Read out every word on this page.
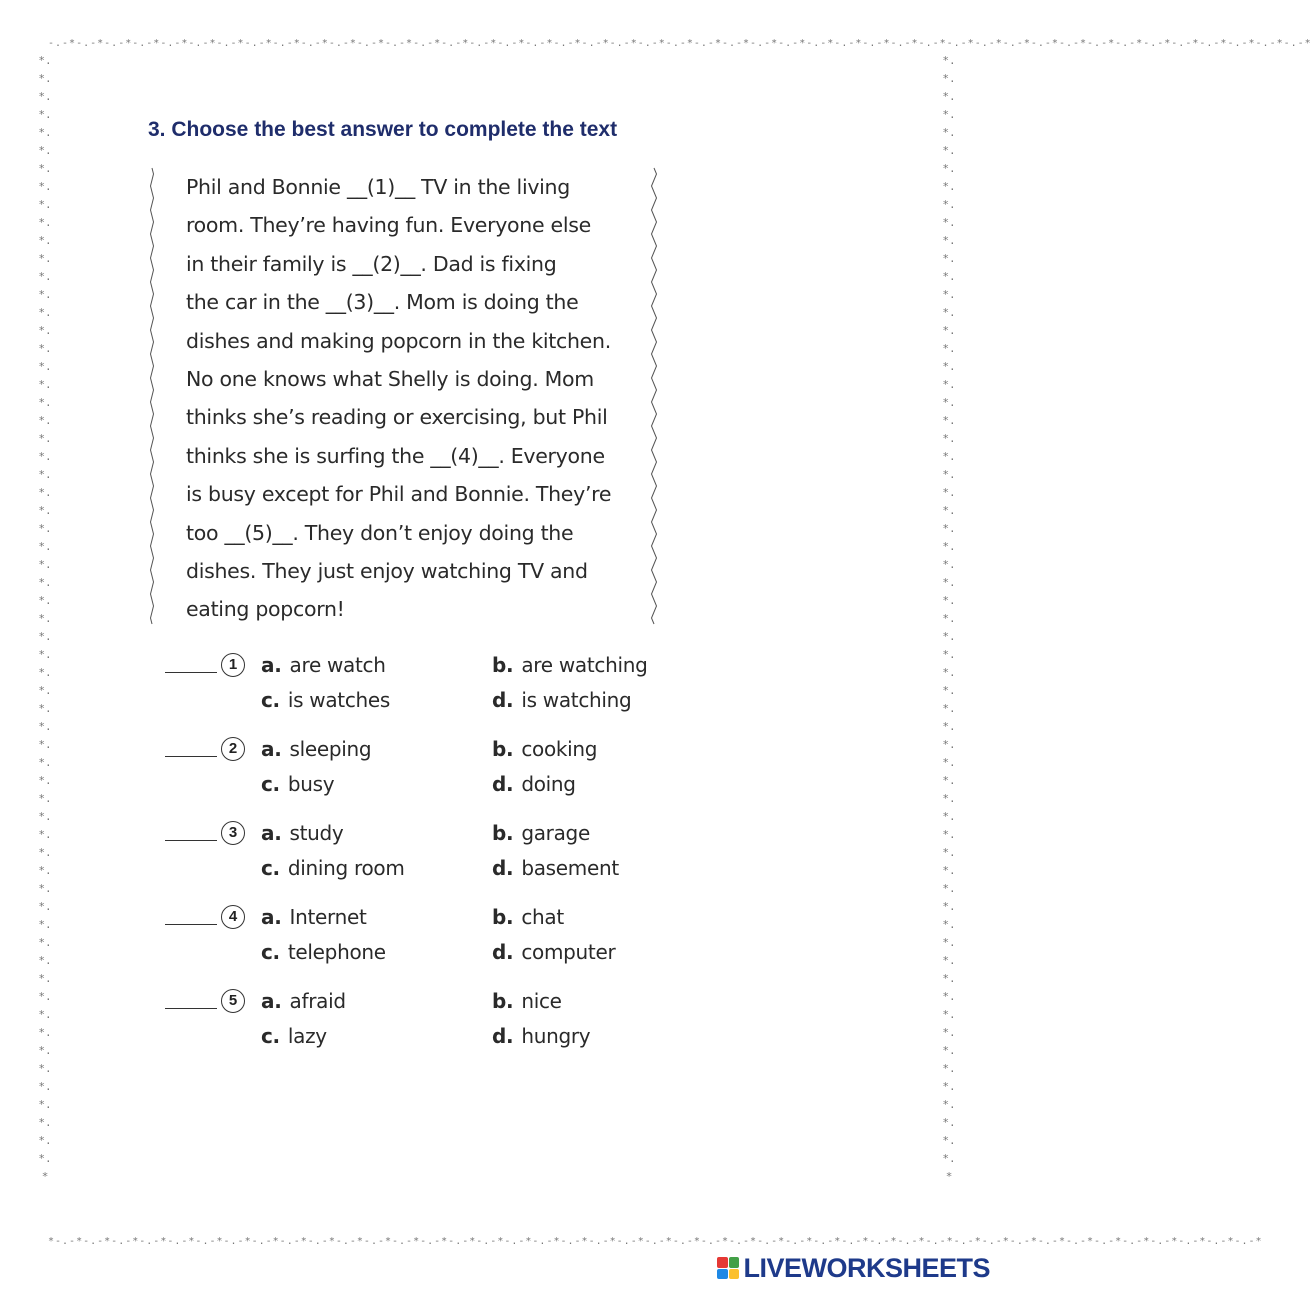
-.-*-.-*-.-*-.-*-.-*-.-*-.-*-.-*-.-*-.-*-.-*-.-*-.-*-.-*-.-*-.-*-.-*-.-*-.-*-.-*-.-*-.-*-.-*-.-*-.-*-.-*-.-*-.-*-.-*-.-*-.-*-.-*-.-*-.-*-.-*-.-*-.-*-.-*-.-*-.-*-.-*-.-*-.-*-.-*-.-*
*-.-*-.-*-.-*-.-*-.-*-.-*-.-*-.-*-.-*-.-*-.-*-.-*-.-*-.-*-.-*-.-*-.-*-.-*-.-*-.-*-.-*-.-*-.-*-.-*-.-*-.-*-.-*-.-*-.-*-.-*-.-*-.-*-.-*-.-*-.-*-.-*-.-*-.-*-.-*-.-*-.-*-.-*-.-*
*.*.*.*.*.*.*.*.*.*.*.*.*.*.*.*.*.*.*.*.*.*.*.*.*.*.*.*.*.*.*.*.*.*.*.*.*.*.*.*.*.*.*.*.*.*.*.*.*.*.*.*.*.*.*.*.*.*.*.*.*.*.*
*.*.*.*.*.*.*.*.*.*.*.*.*.*.*.*.*.*.*.*.*.*.*.*.*.*.*.*.*.*.*.*.*.*.*.*.*.*.*.*.*.*.*.*.*.*.*.*.*.*.*.*.*.*.*.*.*.*.*.*.*.*.*
3. Choose the best answer to complete the text
Phil and Bonnie __(1)__ TV in the living
room. They’re having fun. Everyone else
in their family is __(2)__. Dad is fixing
the car in the __(3)__. Mom is doing the
dishes and making popcorn in the kitchen.
No one knows what Shelly is doing. Mom
thinks she’s reading or exercising, but Phil
thinks she is surfing the __(4)__. Everyone
is busy except for Phil and Bonnie. They’re
too __(5)__. They don’t enjoy doing the
dishes. They just enjoy watching TV and
eating popcorn!
1	a. are watch	b. are watching
c. is watches	d. is watching
2	a. sleeping	b. cooking
c. busy	d. doing
3	a. study	b. garage
c. dining room	d. basement
4	a. Internet	b. chat
c. telephone	d. computer
5	a. afraid	b. nice
c. lazy	d. hungry
LIVEWORKSHEETS
